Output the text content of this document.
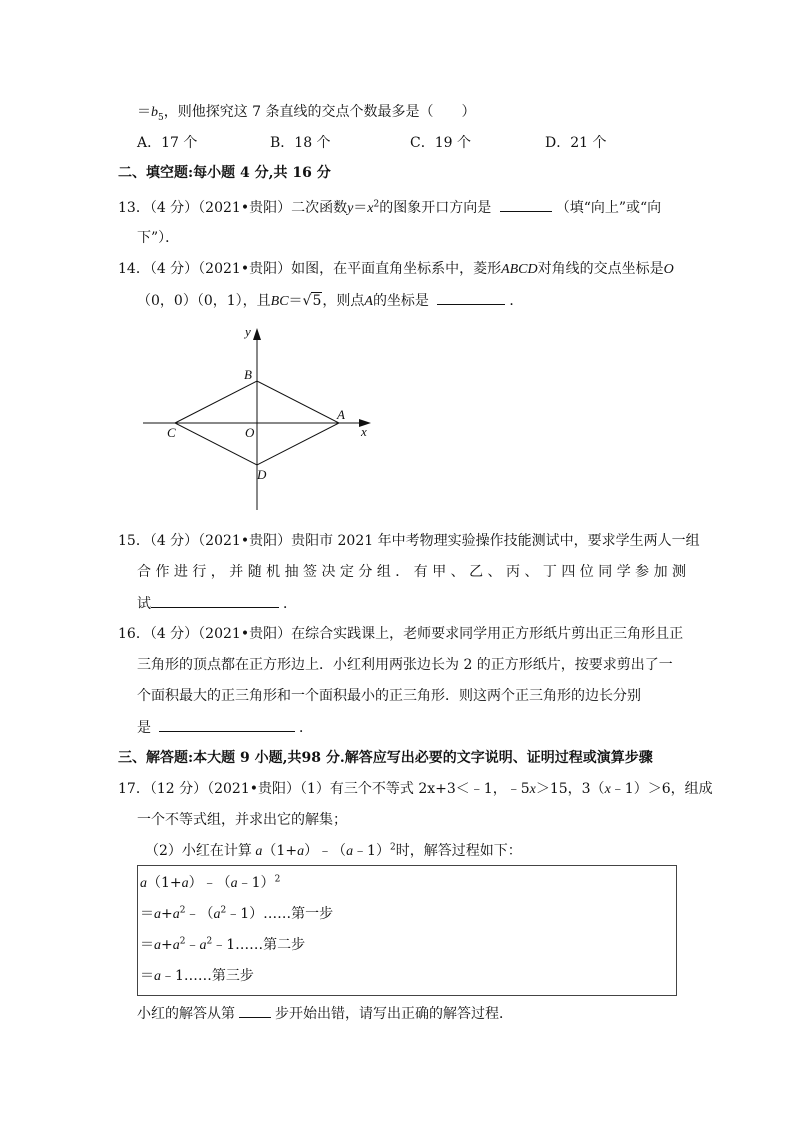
$=b_5$，则他探究这 7 条直线的交点个数最多是（　　）
A．17 个	B．18 个	C．19 个	D．21 个
二、填空题:每小题 4 分,共 16 分
13．（4 分）（2021•贵阳）二次函数$y=x^2$的图象开口方向是	（填“向上”或“向
下”）．
14．（4 分）（2021•贵阳）如图，在平面直角坐标系中，菱形ABCD对角线的交点坐标是O
（0，0）（0，1），且BC＝√5，则点A的坐标是	．
y
x
B
A
C	O
D
15．（4 分）（2021•贵阳）贵阳市 2021 年中考物理实验操作技能测试中，要求学生两人一组
合 作 进 行 ， 并 随 机 抽 签 决 定 分 组 ． 有 甲 、 乙 、 丙 、 丁 四 位 同 学 参 加 测
试	．
16．（4 分）（2021•贵阳）在综合实践课上，老师要求同学用正方形纸片剪出正三角形且正
三角形的顶点都在正方形边上．小红利用两张边长为 2 的正方形纸片，按要求剪出了一
个面积最大的正三角形和一个面积最小的正三角形．则这两个正三角形的边长分别
是	．
三、解答题:本大题 9 小题,共98 分.解答应写出必要的文字说明、证明过程或演算步骤
17．（12 分）（2021•贵阳）（1）有三个不等式 2x+3＜﹣1，﹣5x＞15，3（x﹣1）＞6，组成
一个不等式组，并求出它的解集；
（2）小红在计算 a（1+a）﹣（a﹣1）$^2$时，解答过程如下：
a（1+a）﹣（a﹣1）$^2$
$=a+a^2﹣(a^2﹣1)\dots\dots$第一步
$=a+a^2﹣a^2﹣1\dots\dots$第二步
＝a﹣1……第三步
小红的解答从第	步开始出错，请写出正确的解答过程．
